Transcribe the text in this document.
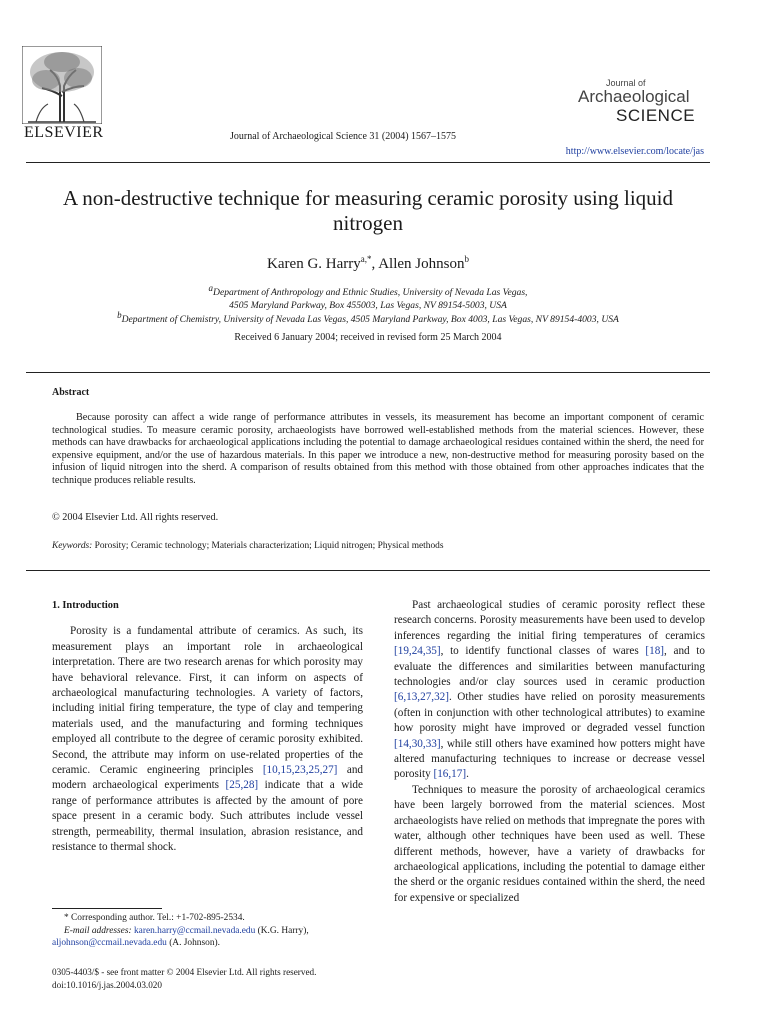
ELSEVIER	Journal of Archaeological Science 31 (2004) 1567–1575
Journal of
Archaeological
SCIENCE
http://www.elsevier.com/locate/jas
A non-destructive technique for measuring ceramic porosity using liquid nitrogen
Karen G. Harry$^{a,*}$, Allen Johnson$^b$
$^a$Department of Anthropology and Ethnic Studies, University of Nevada Las Vegas,
4505 Maryland Parkway, Box 455003, Las Vegas, NV 89154-5003, USA
$^b$Department of Chemistry, University of Nevada Las Vegas, 4505 Maryland Parkway, Box 4003, Las Vegas, NV 89154-4003, USA
Received 6 January 2004; received in revised form 25 March 2004
Abstract
Because porosity can affect a wide range of performance attributes in vessels, its measurement has become an important component of ceramic technological studies. To measure ceramic porosity, archaeologists have borrowed well-established methods from the material sciences. However, these methods can have drawbacks for archaeological applications including the potential to damage archaeological residues contained within the sherd, the need for expensive equipment, and/or the use of hazardous materials. In this paper we introduce a new, non-destructive method for measuring porosity based on the infusion of liquid nitrogen into the sherd. A comparison of results obtained from this method with those obtained from other approaches indicates that the technique produces reliable results.
© 2004 Elsevier Ltd. All rights reserved.
Keywords: Porosity; Ceramic technology; Materials characterization; Liquid nitrogen; Physical methods
1. Introduction

Porosity is a fundamental attribute of ceramics. As such, its measurement plays an important role in archaeological interpretation. There are two research arenas for which porosity may have behavioral relevance. First, it can inform on aspects of archaeological manufacturing technologies. A variety of factors, including initial firing temperature, the type of clay and tempering materials used, and the manufacturing and forming techniques employed all contribute to the degree of ceramic porosity exhibited. Second, the attribute may inform on use-related properties of the ceramic. Ceramic engineering principles [10,15,23,25,27] and modern archaeological experiments [25,28] indicate that a wide range of performance attributes is affected by the amount of pore space present in a ceramic body. Such attributes include vessel strength, permeability, thermal insulation, abrasion resistance, and resistance to thermal shock.

Past archaeological studies of ceramic porosity reflect these research concerns. Porosity measurements have been used to develop inferences regarding the initial firing temperatures of ceramics [19,24,35], to identify functional classes of wares [18], and to evaluate the differences and similarities between manufacturing technologies and/or clay sources used in ceramic production [6,13,27,32]. Other studies have relied on porosity measurements (often in conjunction with other technological attributes) to examine how porosity might have improved or degraded vessel function [14,30,33], while still others have examined how potters might have altered manufacturing techniques to increase or decrease vessel porosity [16,17].

Techniques to measure the porosity of archaeological ceramics have been largely borrowed from the material sciences. Most archaeologists have relied on methods that impregnate the pores with water, although other techniques have been used as well. These different methods, however, have a variety of drawbacks for archaeological applications, including the potential to damage either the sherd or the organic residues contained within the sherd, the need for expensive or specialized

* Corresponding author. Tel.: +1-702-895-2534.
E-mail addresses: karen.harry@ccmail.nevada.edu (K.G. Harry),
aljohnson@ccmail.nevada.edu (A. Johnson).
0305-4403/$ - see front matter © 2004 Elsevier Ltd. All rights reserved.
doi:10.1016/j.jas.2004.03.020
